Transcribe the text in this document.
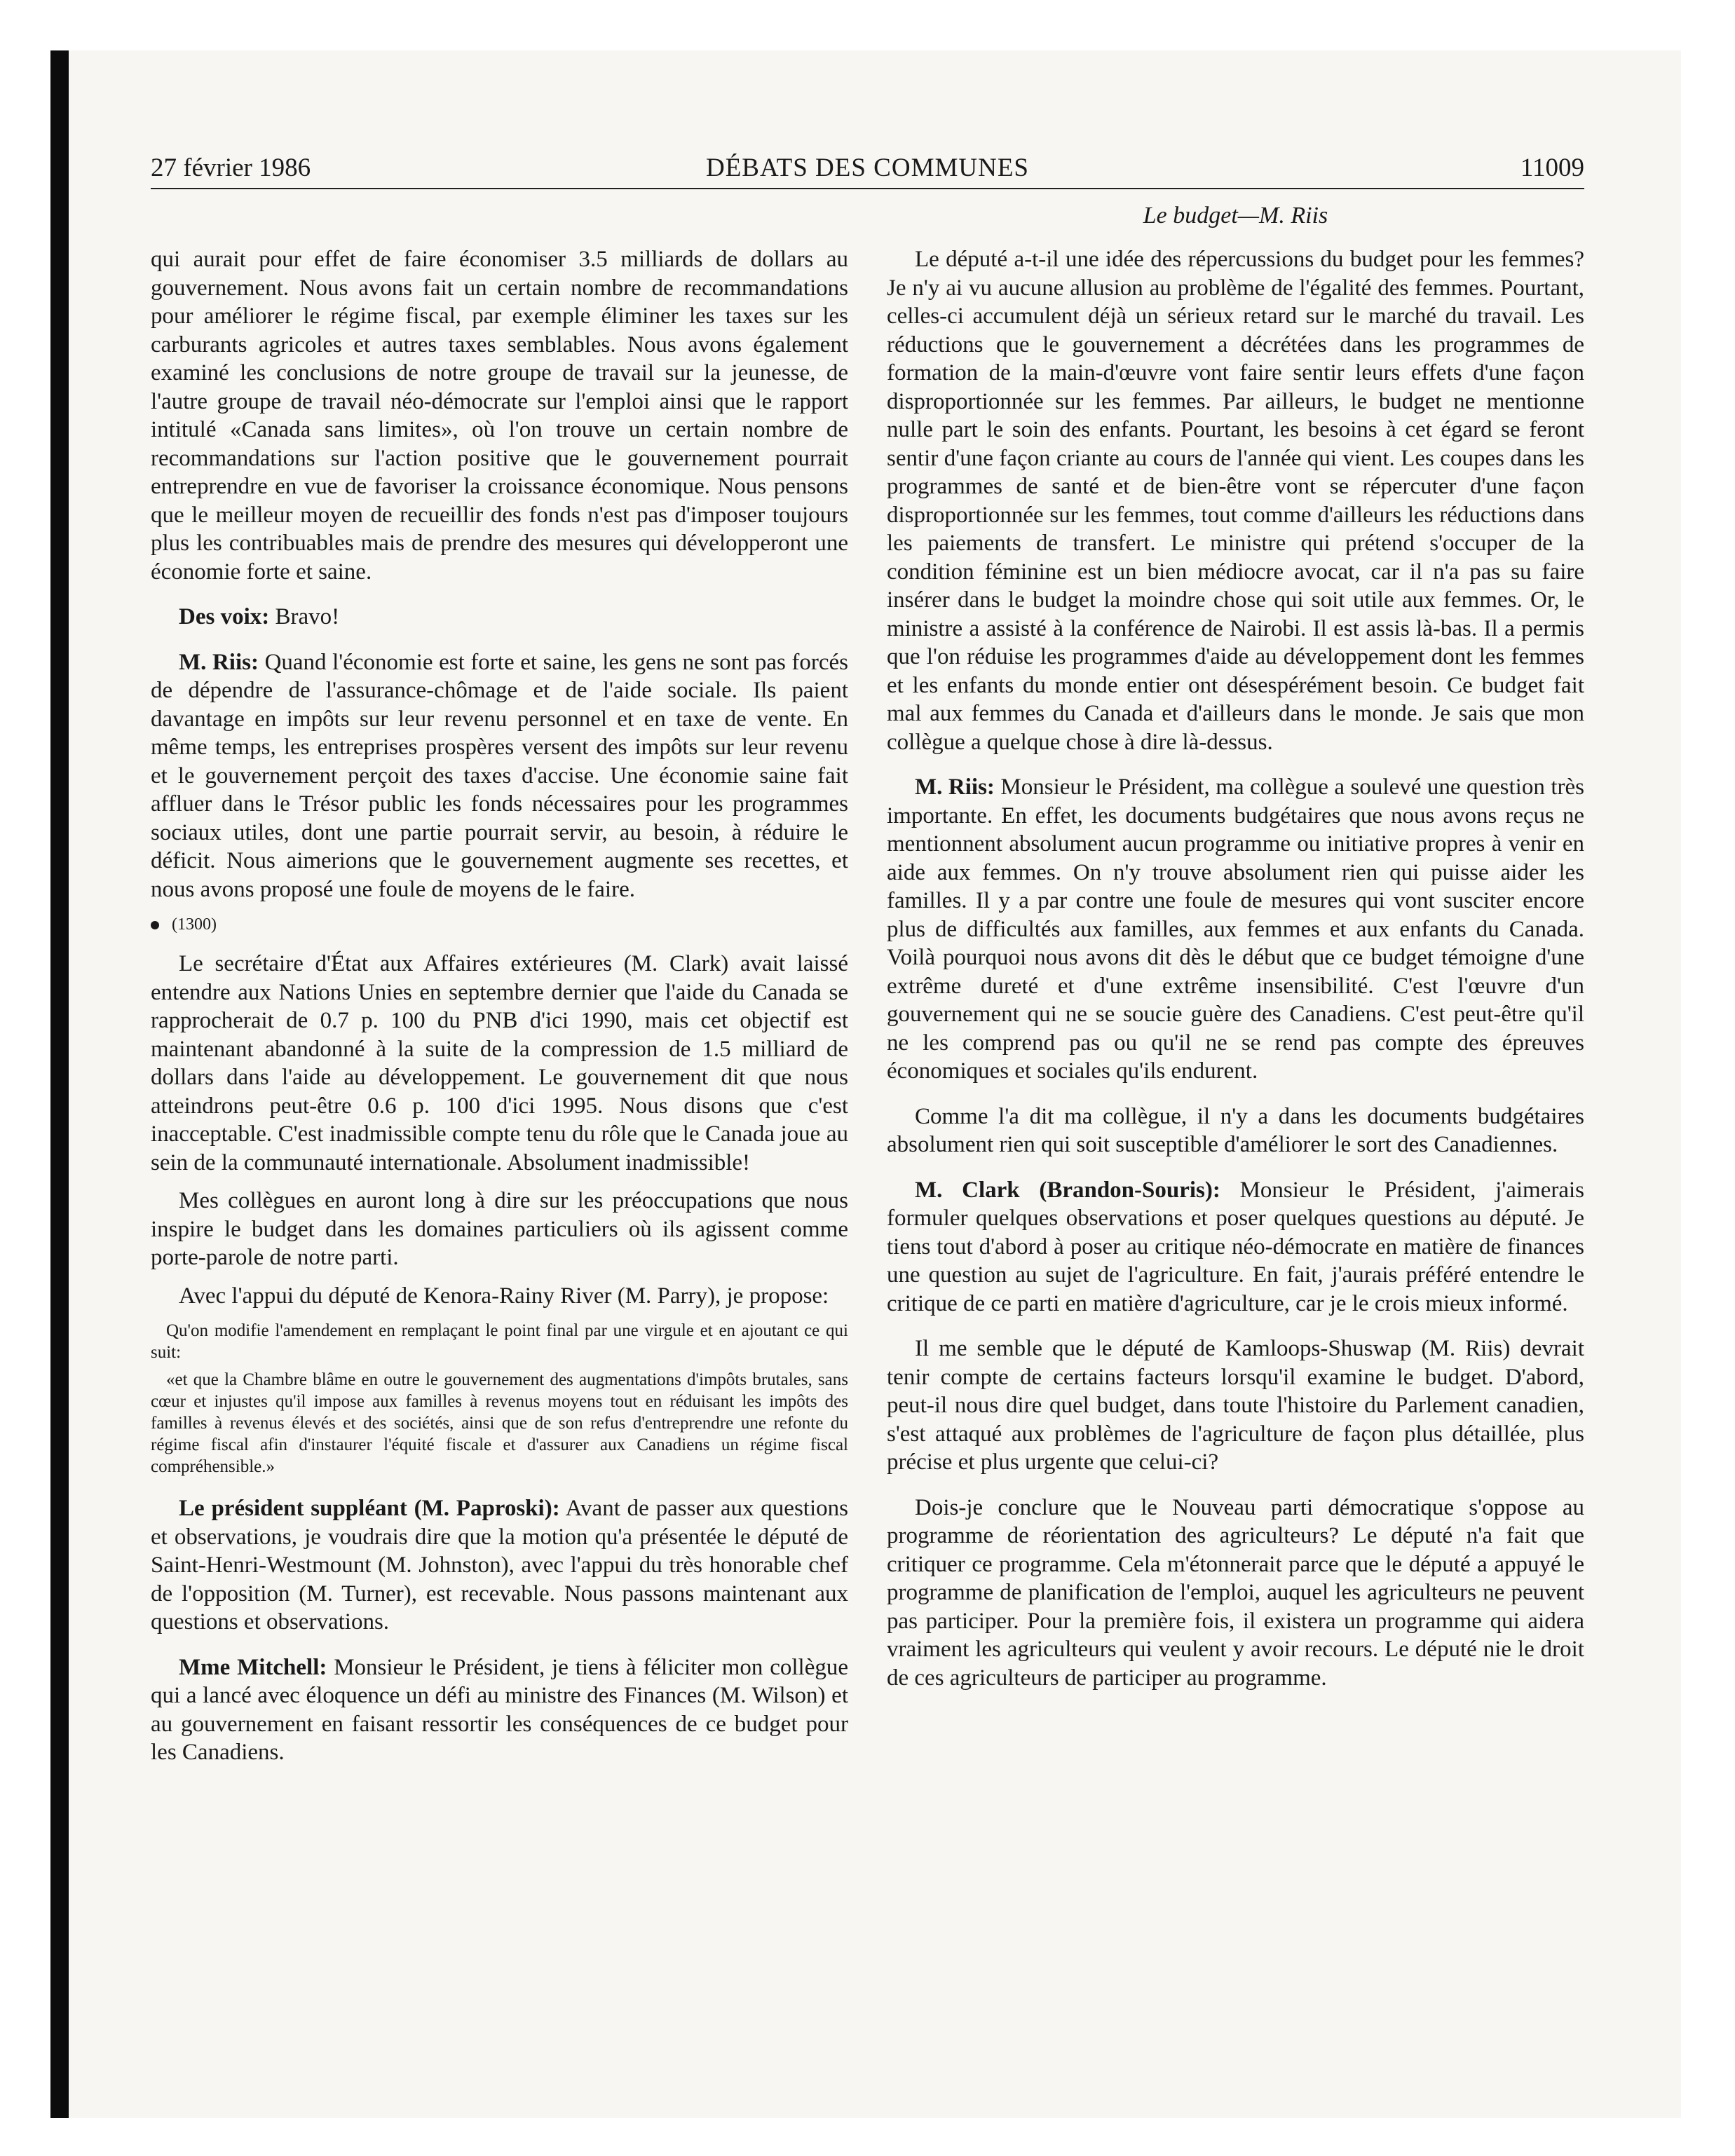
27 février 1986	DÉBATS DES COMMUNES	11009
Le budget—M. Riis

qui aurait pour effet de faire économiser 3.5 milliards de dollars au gouvernement. Nous avons fait un certain nombre de recommandations pour améliorer le régime fiscal, par exemple éliminer les taxes sur les carburants agricoles et autres taxes semblables. Nous avons également examiné les conclusions de notre groupe de travail sur la jeunesse, de l'autre groupe de travail néo-démocrate sur l'emploi ainsi que le rapport intitulé «Canada sans limites», où l'on trouve un certain nombre de recommandations sur l'action positive que le gouvernement pourrait entreprendre en vue de favoriser la croissance économique. Nous pensons que le meilleur moyen de recueillir des fonds n'est pas d'imposer toujours plus les contribuables mais de prendre des mesures qui développeront une économie forte et saine.

Des voix: Bravo!

M. Riis: Quand l'économie est forte et saine, les gens ne sont pas forcés de dépendre de l'assurance-chômage et de l'aide sociale. Ils paient davantage en impôts sur leur revenu personnel et en taxe de vente. En même temps, les entreprises prospères versent des impôts sur leur revenu et le gouvernement perçoit des taxes d'accise. Une économie saine fait affluer dans le Trésor public les fonds nécessaires pour les programmes sociaux utiles, dont une partie pourrait servir, au besoin, à réduire le déficit. Nous aimerions que le gouvernement augmente ses recettes, et nous avons proposé une foule de moyens de le faire.

(1300)

Le secrétaire d'État aux Affaires extérieures (M. Clark) avait laissé entendre aux Nations Unies en septembre dernier que l'aide du Canada se rapprocherait de 0.7 p. 100 du PNB d'ici 1990, mais cet objectif est maintenant abandonné à la suite de la compression de 1.5 milliard de dollars dans l'aide au développement. Le gouvernement dit que nous atteindrons peut-être 0.6 p. 100 d'ici 1995. Nous disons que c'est inacceptable. C'est inadmissible compte tenu du rôle que le Canada joue au sein de la communauté internationale. Absolument inadmissible!

Mes collègues en auront long à dire sur les préoccupations que nous inspire le budget dans les domaines particuliers où ils agissent comme porte-parole de notre parti.

Avec l'appui du député de Kenora-Rainy River (M. Parry), je propose:

Qu'on modifie l'amendement en remplaçant le point final par une virgule et en ajoutant ce qui suit:

«et que la Chambre blâme en outre le gouvernement des augmentations d'impôts brutales, sans cœur et injustes qu'il impose aux familles à revenus moyens tout en réduisant les impôts des familles à revenus élevés et des sociétés, ainsi que de son refus d'entreprendre une refonte du régime fiscal afin d'instaurer l'équité fiscale et d'assurer aux Canadiens un régime fiscal compréhensible.»

Le président suppléant (M. Paproski): Avant de passer aux questions et observations, je voudrais dire que la motion qu'a présentée le député de Saint-Henri-Westmount (M. Johnston), avec l'appui du très honorable chef de l'opposition (M. Turner), est recevable. Nous passons maintenant aux questions et observations.

Mme Mitchell: Monsieur le Président, je tiens à féliciter mon collègue qui a lancé avec éloquence un défi au ministre des Finances (M. Wilson) et au gouvernement en faisant ressortir les conséquences de ce budget pour les Canadiens.

Le député a-t-il une idée des répercussions du budget pour les femmes? Je n'y ai vu aucune allusion au problème de l'égalité des femmes. Pourtant, celles-ci accumulent déjà un sérieux retard sur le marché du travail. Les réductions que le gouvernement a décrétées dans les programmes de formation de la main-d'œuvre vont faire sentir leurs effets d'une façon disproportionnée sur les femmes. Par ailleurs, le budget ne mentionne nulle part le soin des enfants. Pourtant, les besoins à cet égard se feront sentir d'une façon criante au cours de l'année qui vient. Les coupes dans les programmes de santé et de bien-être vont se répercuter d'une façon disproportionnée sur les femmes, tout comme d'ailleurs les réductions dans les paiements de transfert. Le ministre qui prétend s'occuper de la condition féminine est un bien médiocre avocat, car il n'a pas su faire insérer dans le budget la moindre chose qui soit utile aux femmes. Or, le ministre a assisté à la conférence de Nairobi. Il est assis là-bas. Il a permis que l'on réduise les programmes d'aide au développement dont les femmes et les enfants du monde entier ont désespérément besoin. Ce budget fait mal aux femmes du Canada et d'ailleurs dans le monde. Je sais que mon collègue a quelque chose à dire là-dessus.

M. Riis: Monsieur le Président, ma collègue a soulevé une question très importante. En effet, les documents budgétaires que nous avons reçus ne mentionnent absolument aucun programme ou initiative propres à venir en aide aux femmes. On n'y trouve absolument rien qui puisse aider les familles. Il y a par contre une foule de mesures qui vont susciter encore plus de difficultés aux familles, aux femmes et aux enfants du Canada. Voilà pourquoi nous avons dit dès le début que ce budget témoigne d'une extrême dureté et d'une extrême insensibilité. C'est l'œuvre d'un gouvernement qui ne se soucie guère des Canadiens. C'est peut-être qu'il ne les comprend pas ou qu'il ne se rend pas compte des épreuves économiques et sociales qu'ils endurent.

Comme l'a dit ma collègue, il n'y a dans les documents budgétaires absolument rien qui soit susceptible d'améliorer le sort des Canadiennes.

M. Clark (Brandon-Souris): Monsieur le Président, j'aimerais formuler quelques observations et poser quelques questions au député. Je tiens tout d'abord à poser au critique néo-démocrate en matière de finances une question au sujet de l'agriculture. En fait, j'aurais préféré entendre le critique de ce parti en matière d'agriculture, car je le crois mieux informé.

Il me semble que le député de Kamloops-Shuswap (M. Riis) devrait tenir compte de certains facteurs lorsqu'il examine le budget. D'abord, peut-il nous dire quel budget, dans toute l'histoire du Parlement canadien, s'est attaqué aux problèmes de l'agriculture de façon plus détaillée, plus précise et plus urgente que celui-ci?

Dois-je conclure que le Nouveau parti démocratique s'oppose au programme de réorientation des agriculteurs? Le député n'a fait que critiquer ce programme. Cela m'étonnerait parce que le député a appuyé le programme de planification de l'emploi, auquel les agriculteurs ne peuvent pas participer. Pour la première fois, il existera un programme qui aidera vraiment les agriculteurs qui veulent y avoir recours. Le député nie le droit de ces agriculteurs de participer au programme.
